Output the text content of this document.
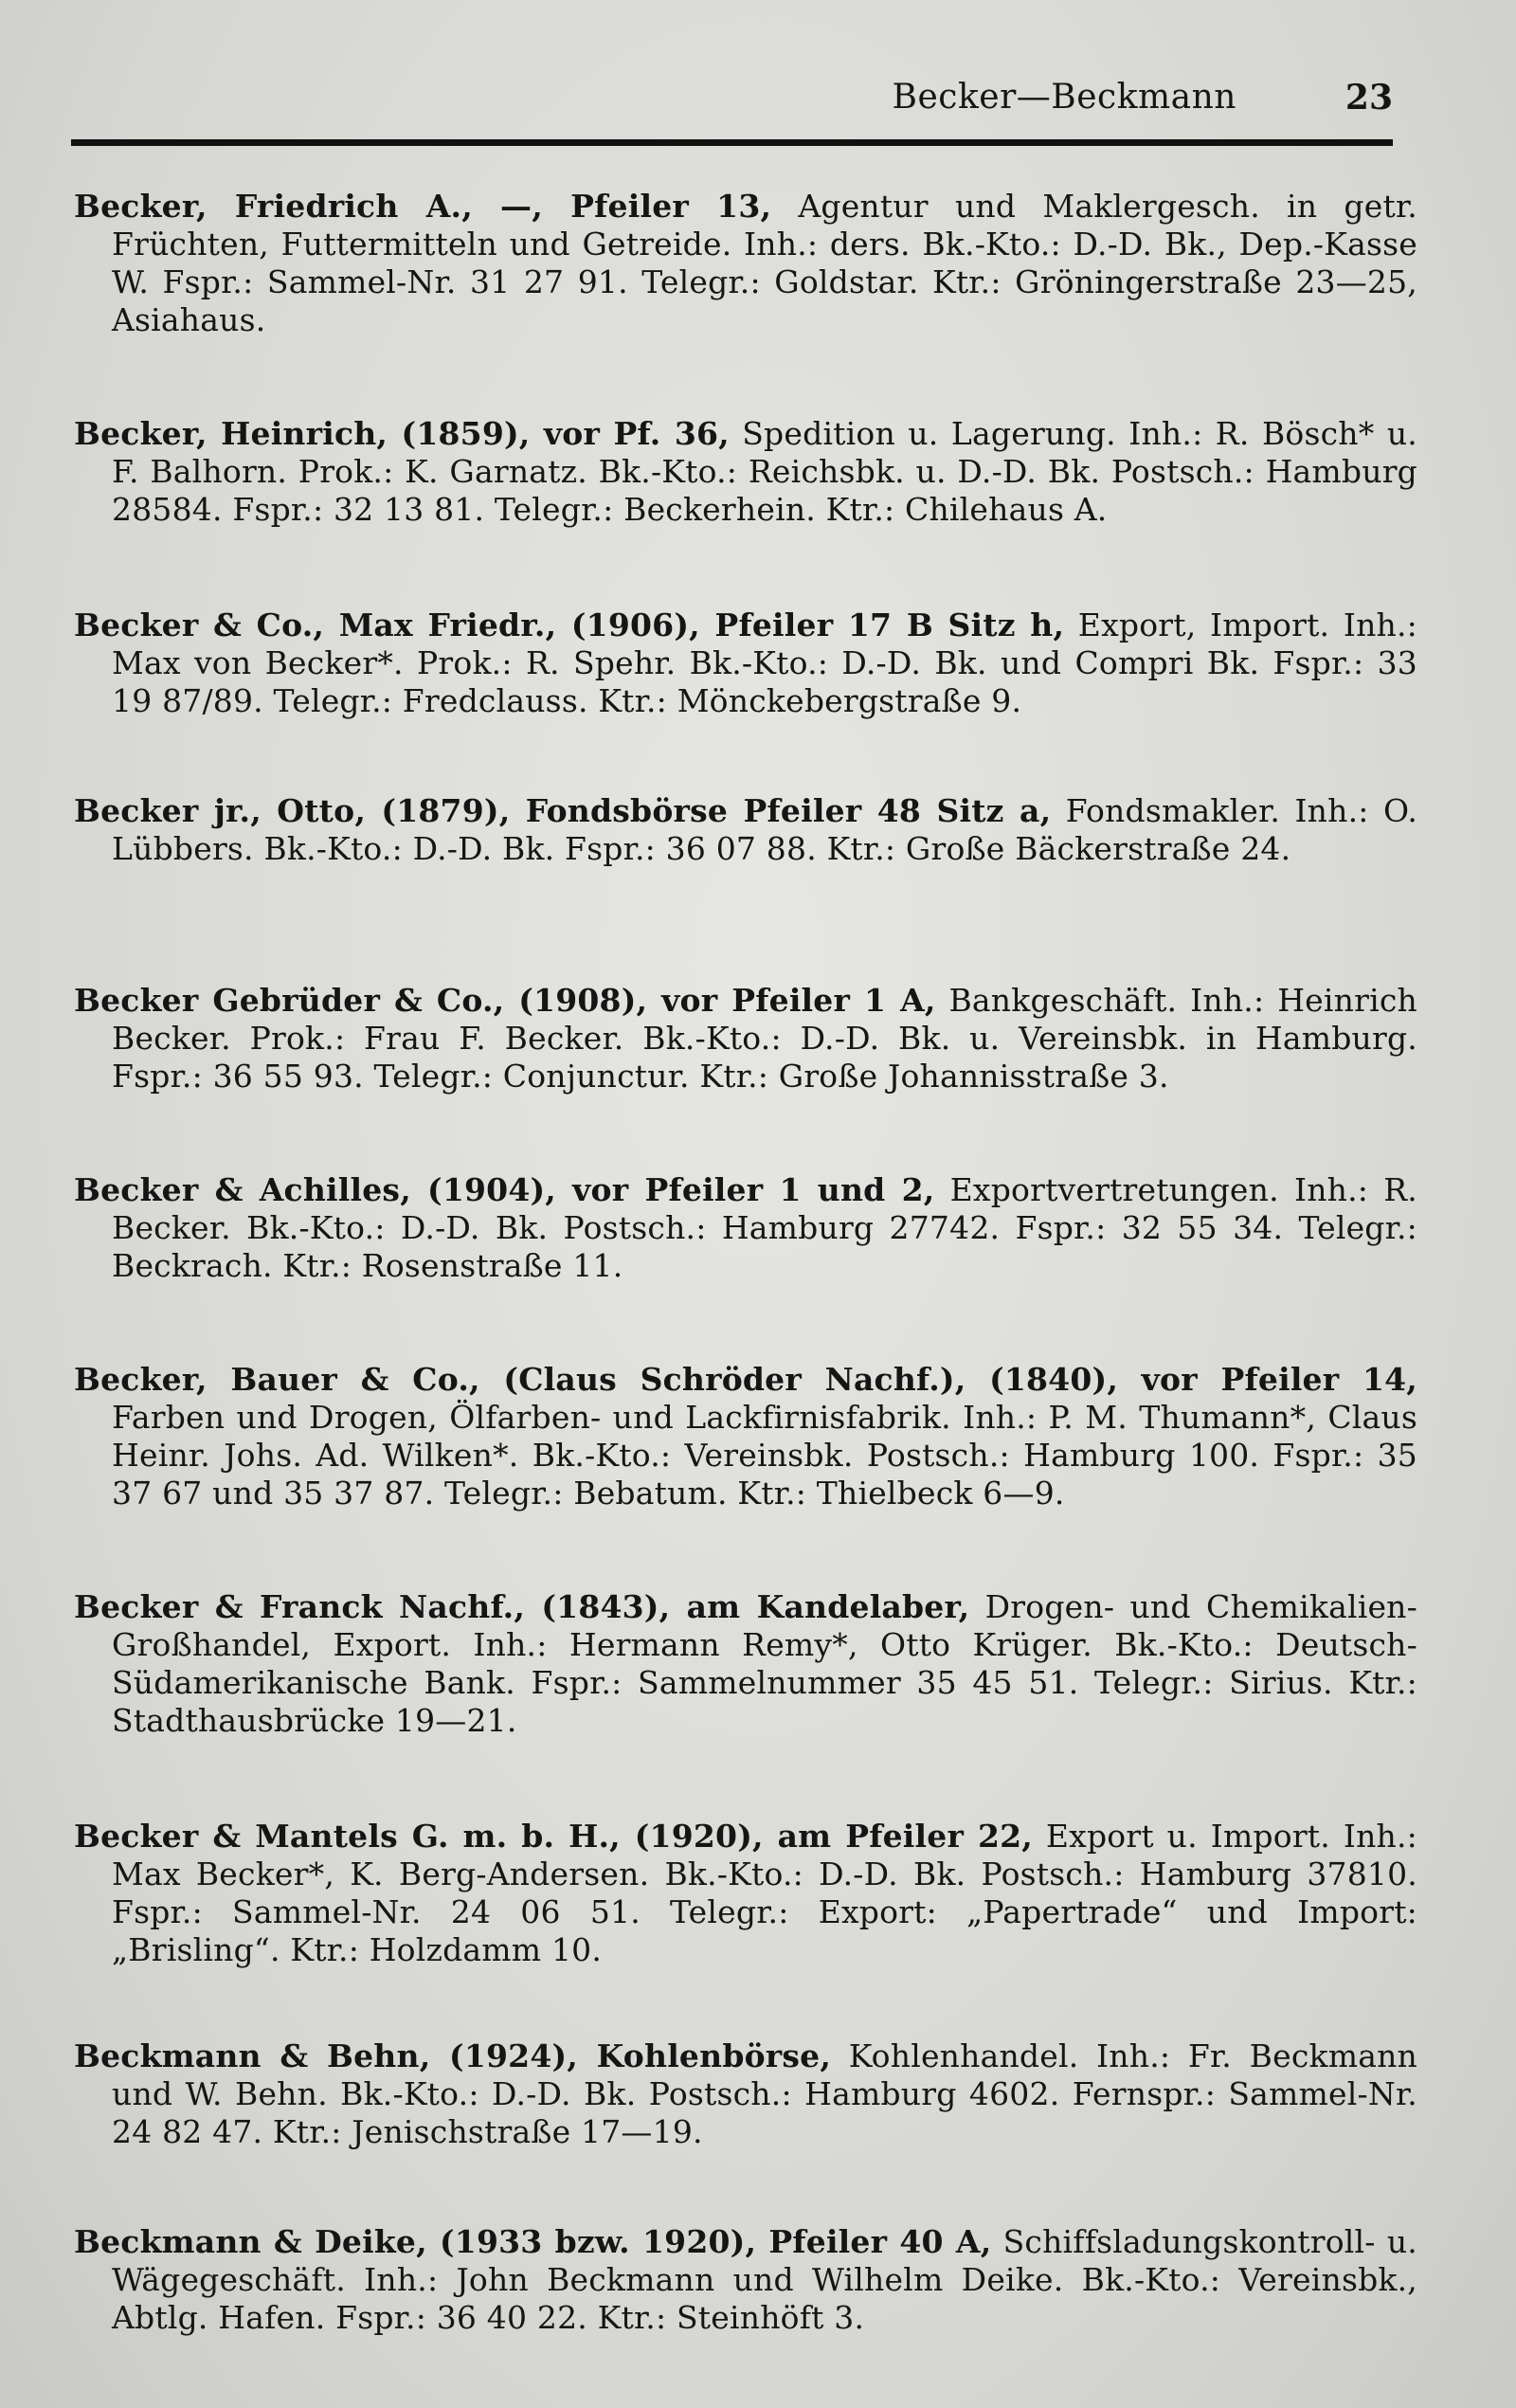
Becker—Beckmann	23

Becker, Friedrich A., —, Pfeiler 13, Agentur und Maklergesch. in getr. Früchten, Futtermitteln und Getreide. Inh.: ders. Bk.-Kto.: D.-D. Bk., Dep.-Kasse W. Fspr.: Sammel-Nr. 31 27 91. Telegr.: Goldstar. Ktr.: Gröningerstraße 23—25, Asiahaus.

Becker, Heinrich, (1859), vor Pf. 36, Spedition u. Lagerung. Inh.: R. Bösch* u. F. Balhorn. Prok.: K. Garnatz. Bk.-Kto.: Reichsbk. u. D.-D. Bk. Postsch.: Hamburg 28584. Fspr.: 32 13 81. Telegr.: Beckerhein. Ktr.: Chilehaus A.

Becker & Co., Max Friedr., (1906), Pfeiler 17 B Sitz h, Export, Import. Inh.: Max von Becker*. Prok.: R. Spehr. Bk.-Kto.: D.-D. Bk. und Compri Bk. Fspr.: 33 19 87/89. Telegr.: Fredclauss. Ktr.: Mönckebergstraße 9.

Becker jr., Otto, (1879), Fondsbörse Pfeiler 48 Sitz a, Fondsmakler. Inh.: O. Lübbers. Bk.-Kto.: D.-D. Bk. Fspr.: 36 07 88. Ktr.: Große Bäckerstraße 24.

Becker Gebrüder & Co., (1908), vor Pfeiler 1 A, Bankgeschäft. Inh.: Heinrich Becker. Prok.: Frau F. Becker. Bk.-Kto.: D.-D. Bk. u. Vereinsbk. in Hamburg. Fspr.: 36 55 93. Telegr.: Conjunctur. Ktr.: Große Johannisstraße 3.

Becker & Achilles, (1904), vor Pfeiler 1 und 2, Exportvertretungen. Inh.: R. Becker. Bk.-Kto.: D.-D. Bk. Postsch.: Hamburg 27742. Fspr.: 32 55 34. Telegr.: Beckrach. Ktr.: Rosenstraße 11.

Becker, Bauer & Co., (Claus Schröder Nachf.), (1840), vor Pfeiler 14, Farben und Drogen, Ölfarben- und Lackfirnisfabrik. Inh.: P. M. Thumann*, Claus Heinr. Johs. Ad. Wilken*. Bk.-Kto.: Vereinsbk. Postsch.: Hamburg 100. Fspr.: 35 37 67 und 35 37 87. Telegr.: Bebatum. Ktr.: Thielbeck 6—9.

Becker & Franck Nachf., (1843), am Kandelaber, Drogen- und Chemikalien-Großhandel, Export. Inh.: Hermann Remy*, Otto Krüger. Bk.-Kto.: Deutsch-Südamerikanische Bank. Fspr.: Sammelnummer 35 45 51. Telegr.: Sirius. Ktr.: Stadthausbrücke 19—21.

Becker & Mantels G. m. b. H., (1920), am Pfeiler 22, Export u. Import. Inh.: Max Becker*, K. Berg-Andersen. Bk.-Kto.: D.-D. Bk. Postsch.: Hamburg 37810. Fspr.: Sammel-Nr. 24 06 51. Telegr.: Export: „Papertrade“ und Import: „Brisling“. Ktr.: Holzdamm 10.

Beckmann & Behn, (1924), Kohlenbörse, Kohlenhandel. Inh.: Fr. Beckmann und W. Behn. Bk.-Kto.: D.-D. Bk. Postsch.: Hamburg 4602. Fernspr.: Sammel-Nr. 24 82 47. Ktr.: Jenischstraße 17—19.

Beckmann & Deike, (1933 bzw. 1920), Pfeiler 40 A, Schiffsladungskontroll- u. Wägegeschäft. Inh.: John Beckmann und Wilhelm Deike. Bk.-Kto.: Vereinsbk., Abtlg. Hafen. Fspr.: 36 40 22. Ktr.: Steinhöft 3.
